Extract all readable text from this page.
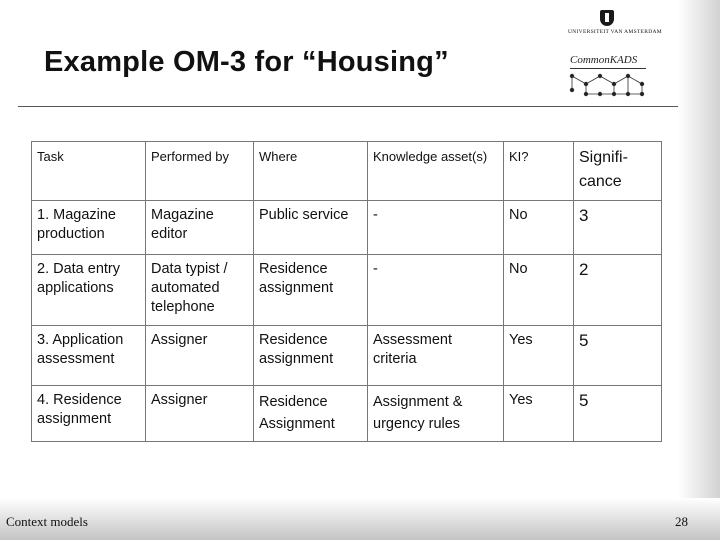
UNIVERSITEIT VAN AMSTERDAM
CommonKADS
Example OM-3 for “Housing”
Task	Performed by	Where	Knowledge asset(s)	KI?	Signifi-cance
1. Magazine production	Magazine editor	Public service	-	No	3
2. Data entry applications	Data typist / automated telephone	Residence assignment	-	No	2
3. Application assessment	Assigner	Residence assignment	Assessment criteria	Yes	5
4. Residence assignment	Assigner	Residence Assignment	Assignment & urgency rules	Yes	5
Context models	28
